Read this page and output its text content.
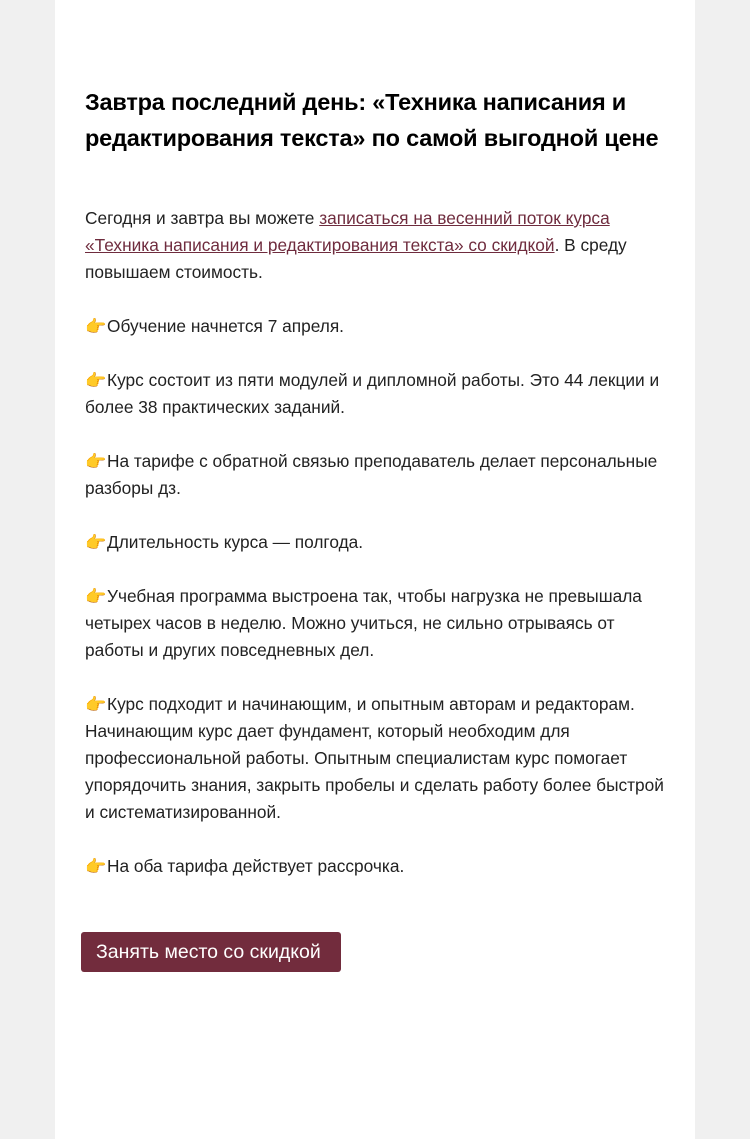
Завтра последний день: «Техника написания и редактирования текста» по самой выгодной цене

Сегодня и завтра вы можете записаться на весенний поток курса «Техника написания и редактирования текста» со скидкой. В среду повышаем стоимость.

👉Обучение начнется 7 апреля.

👉Курс состоит из пяти модулей и дипломной работы. Это 44 лекции и более 38 практических заданий.

👉На тарифе с обратной связью преподаватель делает персональные разборы дз.

👉Длительность курса — полгода.

👉Учебная программа выстроена так, чтобы нагрузка не превышала четырех часов в неделю. Можно учиться, не сильно отрываясь от работы и других повседневных дел.

👉Курс подходит и начинающим, и опытным авторам и редакторам. Начинающим курс дает фундамент, который необходим для профессиональной работы. Опытным специалистам курс помогает упорядочить знания, закрыть пробелы и сделать работу более быстрой и систематизированной.

👉На оба тарифа действует рассрочка.

Занять место со скидкой
